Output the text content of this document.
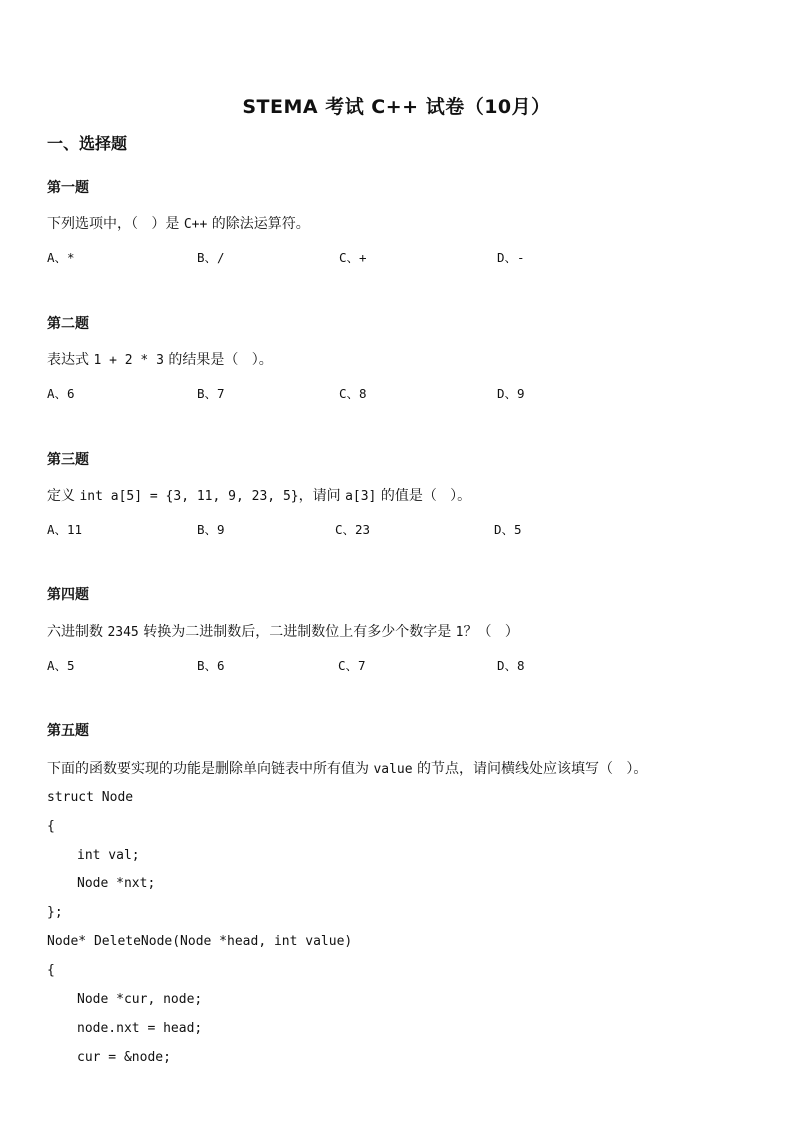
STEMA 考试 C++ 试卷（10月）
一、选择题
第一题
下列选项中，（   ）是 C++ 的除法运算符。
A、*	B、/	C、+	D、-
第二题
表达式 1 + 2 * 3 的结果是（   ）。
A、6	B、7	C、8	D、9
第三题
定义 int a[5] = {3, 11, 9, 23, 5}，请问 a[3] 的值是（   ）。
A、11	B、9	C、23	D、5
第四题
六进制数 2345 转换为二进制数后，二进制数位上有多少个数字是 1？（   ）
A、5	B、6	C、7	D、8
第五题
下面的函数要实现的功能是删除单向链表中所有值为 value 的节点，请问横线处应该填写（   ）。
struct Node
{
int val;
Node *nxt;
};
Node* DeleteNode(Node *head, int value)
{
Node *cur, node;
node.nxt = head;
cur = &node;
